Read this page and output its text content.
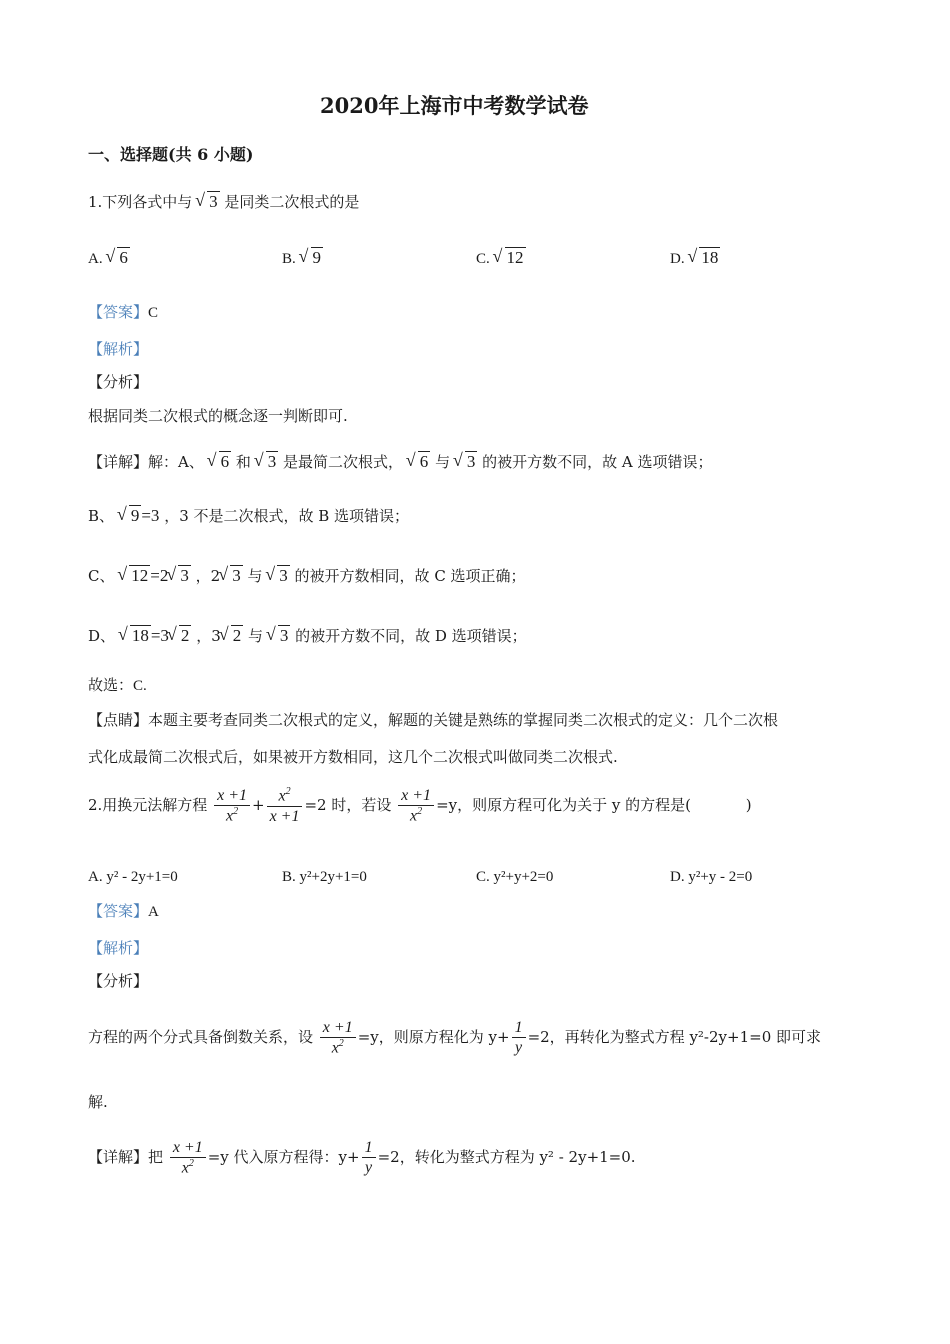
2020年上海市中考数学试卷
一、选择题(共 6 小题)
1.下列各式中与 √ 3 是同类二次根式的是
A. √ 6	B. √ 9	C. √ 12	D. √ 18
【答案】C
【解析】
【分析】
根据同类二次根式的概念逐一判断即可.
【详解】解：A、 √ 6 和 √ 3 是最简二次根式， √ 6 与 √ 3 的被开方数不同，故 A 选项错误；
B、 √ 9 =3 ，3 不是二次根式，故 B 选项错误；
C、 √ 12 =2 √ 3 ，2 √ 3 与 √ 3 的被开方数相同，故 C 选项正确；
D、 √ 18 =3 √ 2 ，3 √ 2 与 √ 3 的被开方数不同，故 D 选项错误；
故选：C.
【点睛】本题主要考查同类二次根式的定义，解题的关键是熟练的掌握同类二次根式的定义：几个二次根
式化成最简二次根式后，如果被开方数相同，这几个二次根式叫做同类二次根式.
2.用换元法解方程 $\frac{x +1}{x^2} + \frac{x^2}{x +1} =2$ 时，若设 $\frac{x +1}{x^2} =y$，则原方程可化为关于 y 的方程是(	)
A. y² - 2y+1=0	B. y²+2y+1=0	C. y²+y+2=0	D. y²+y - 2=0
【答案】A
【解析】
【分析】
方程的两个分式具备倒数关系，设 $\frac{x +1}{x^2} =y$，则原方程化为 $y+ \frac{1}{y} =2$，再转化为整式方程 y²-2y+1=0 即可求
解.
【详解】把 $\frac{x +1}{x^2} =y$ 代入原方程得：$y+ \frac{1}{y} =2$，转化为整式方程为 y² - 2y+1=0.
